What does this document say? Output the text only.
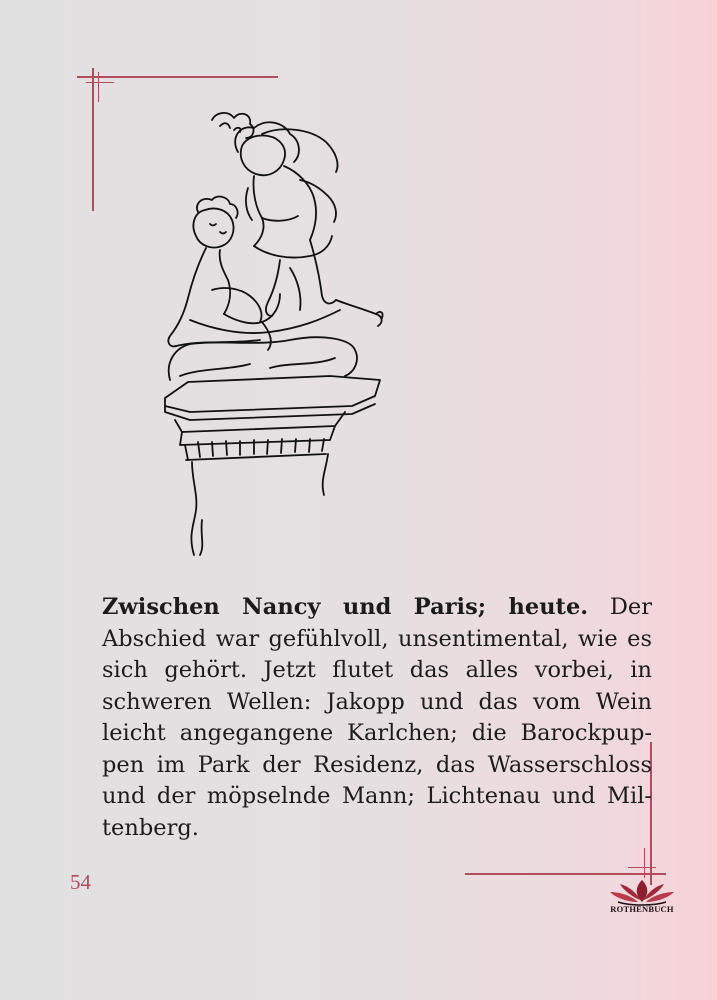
Zwischen Nancy und Paris; heute. Der
Abschied war gefühlvoll, unsentimental, wie es
sich gehört. Jetzt flutet das alles vorbei, in
schweren Wellen: Jakopp und das vom Wein
leicht angegangene Karlchen; die Barockpup-
pen im Park der Residenz, das Wasserschloss
und der möpselnde Mann; Lichtenau und Mil-
tenberg.
54
ROTHENBUCH
